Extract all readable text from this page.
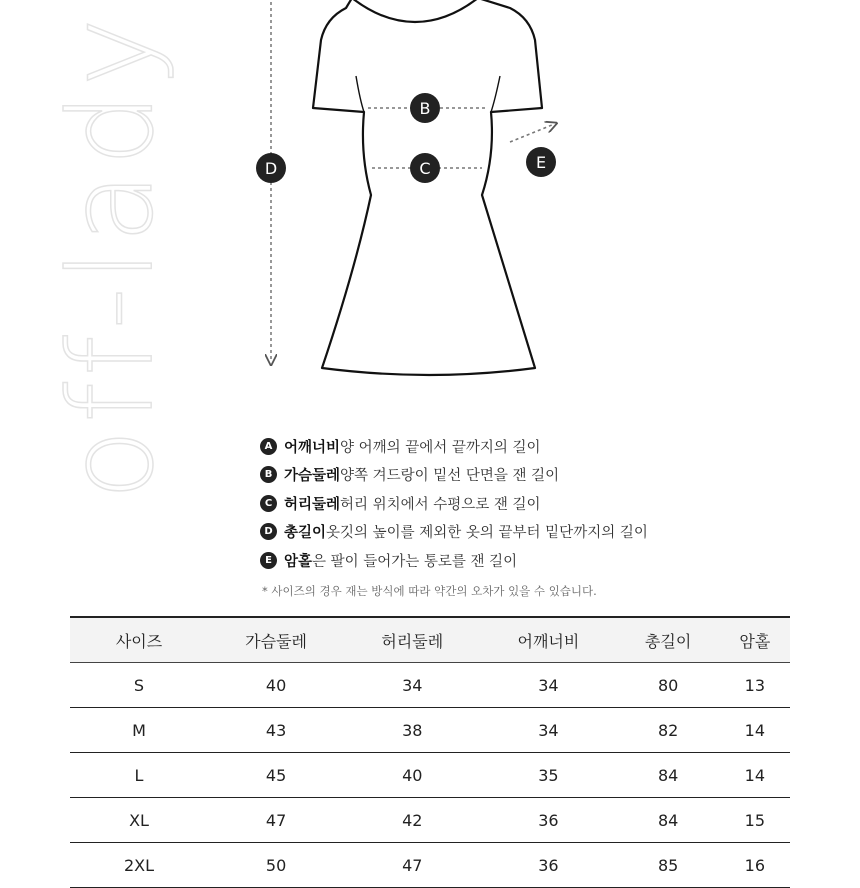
off-lady	D
B
C	E
A 어깨너비 양 어깨의 끝에서 끝까지의 길이
B 가슴둘레 양쪽 겨드랑이 밑선 단면을 잰 길이
C 허리둘레 허리 위치에서 수평으로 잰 길이
D 총길이 옷깃의 높이를 제외한 옷의 끝부터 밑단까지의 길이
E 암홀 은 팔이 들어가는 통로를 잰 길이
* 사이즈의 경우 재는 방식에 따라 약간의 오차가 있을 수 있습니다.
사이즈	가슴둘레	허리둘레	어깨너비	총길이	암홀
S	40	34	34	80	13
M	43	38	34	82	14
L	45	40	35	84	14
XL	47	42	36	84	15
2XL	50	47	36	85	16
